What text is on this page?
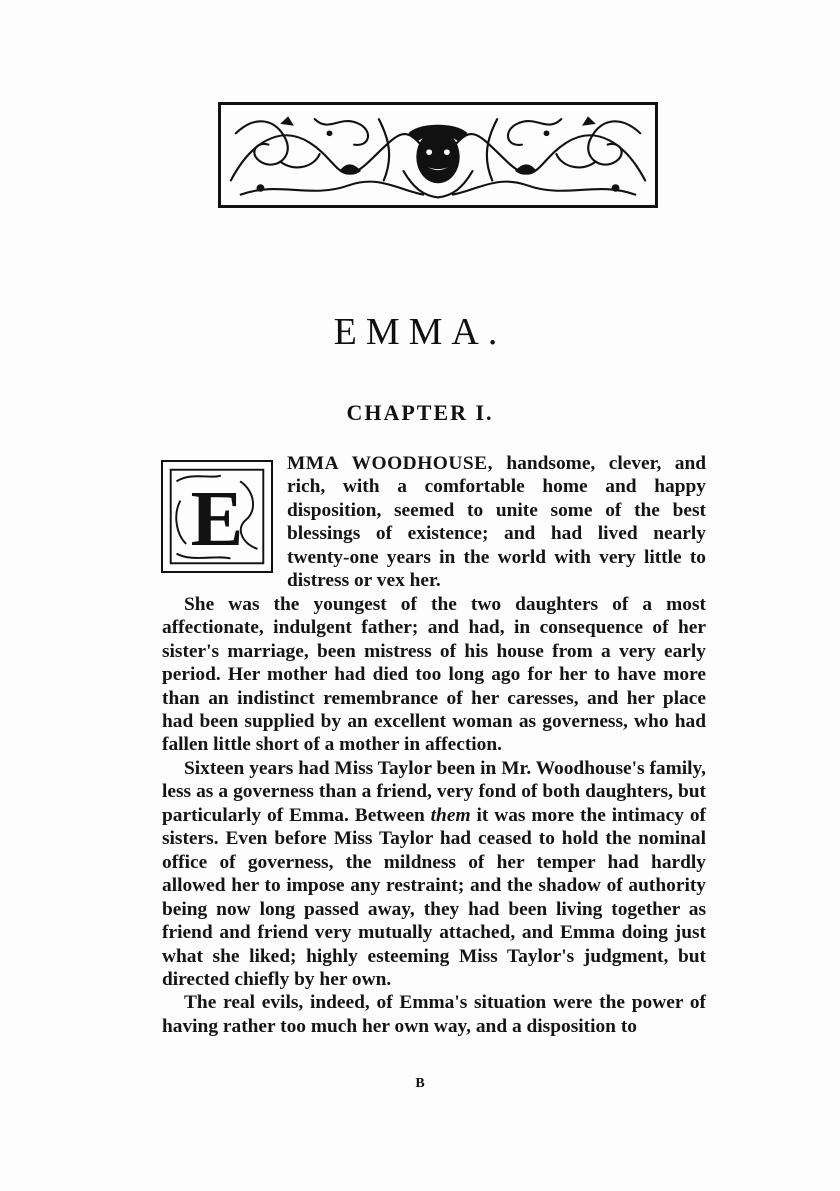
EMMA.
CHAPTER I.

E
MMA WOODHOUSE, handsome, clever, and rich, with a comfortable home and happy disposition, seemed to unite some of the best blessings of existence; and had lived nearly twenty-one years in the world with very little to distress or vex her.

She was the youngest of the two daughters of a most affectionate, indulgent father; and had, in consequence of her sister's marriage, been mistress of his house from a very early period. Her mother had died too long ago for her to have more than an indistinct remembrance of her caresses, and her place had been supplied by an excellent woman as governess, who had fallen little short of a mother in affection.

Sixteen years had Miss Taylor been in Mr. Woodhouse's family, less as a governess than a friend, very fond of both daughters, but particularly of Emma. Between them it was more the intimacy of sisters. Even before Miss Taylor had ceased to hold the nominal office of governess, the mildness of her temper had hardly allowed her to impose any restraint; and the shadow of authority being now long passed away, they had been living together as friend and friend very mutually attached, and Emma doing just what she liked; highly esteeming Miss Taylor's judgment, but directed chiefly by her own.

The real evils, indeed, of Emma's situation were the power of having rather too much her own way, and a disposition to

B
